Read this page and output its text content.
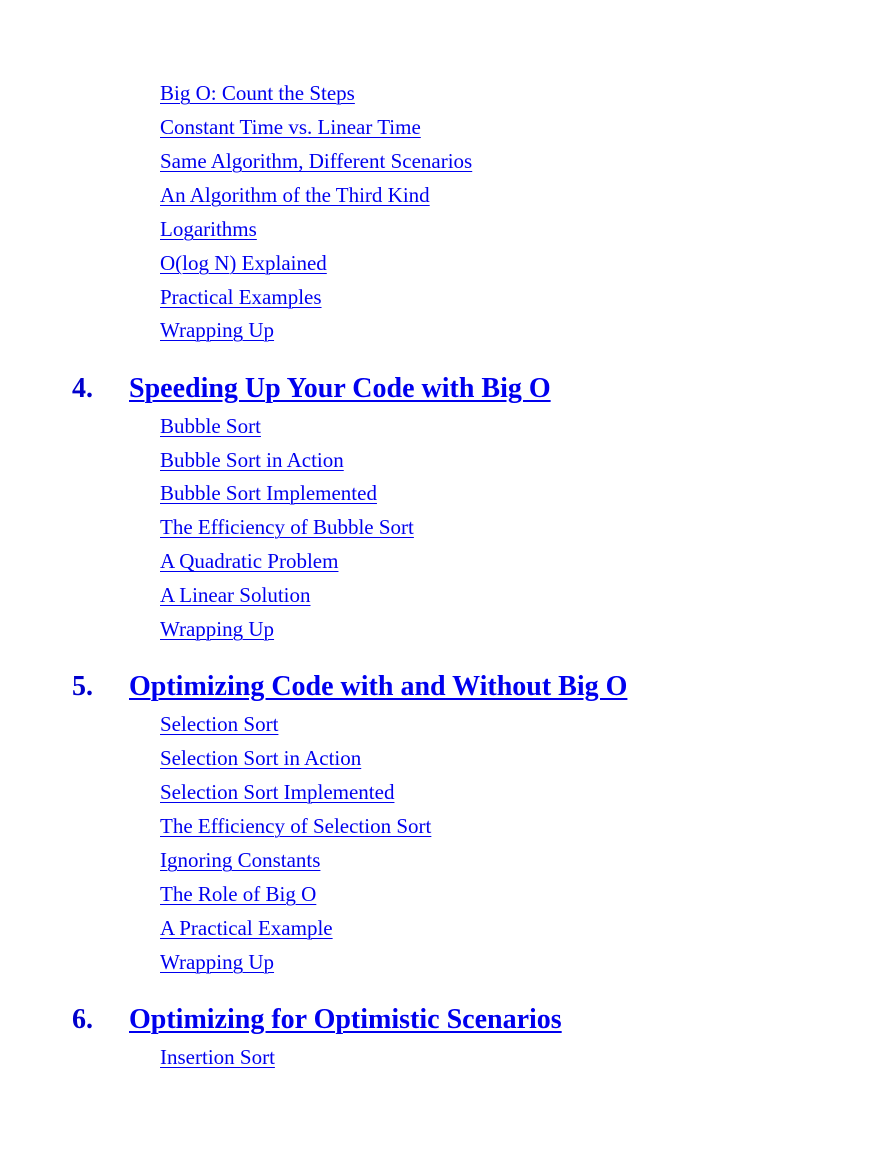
Big O: Count the Steps
Constant Time vs. Linear Time
Same Algorithm, Different Scenarios
An Algorithm of the Third Kind
Logarithms
O(log N) Explained
Practical Examples
Wrapping Up
4. Speeding Up Your Code with Big O
Bubble Sort
Bubble Sort in Action
Bubble Sort Implemented
The Efficiency of Bubble Sort
A Quadratic Problem
A Linear Solution
Wrapping Up
5. Optimizing Code with and Without Big O
Selection Sort
Selection Sort in Action
Selection Sort Implemented
The Efficiency of Selection Sort
Ignoring Constants
The Role of Big O
A Practical Example
Wrapping Up
6. Optimizing for Optimistic Scenarios
Insertion Sort
